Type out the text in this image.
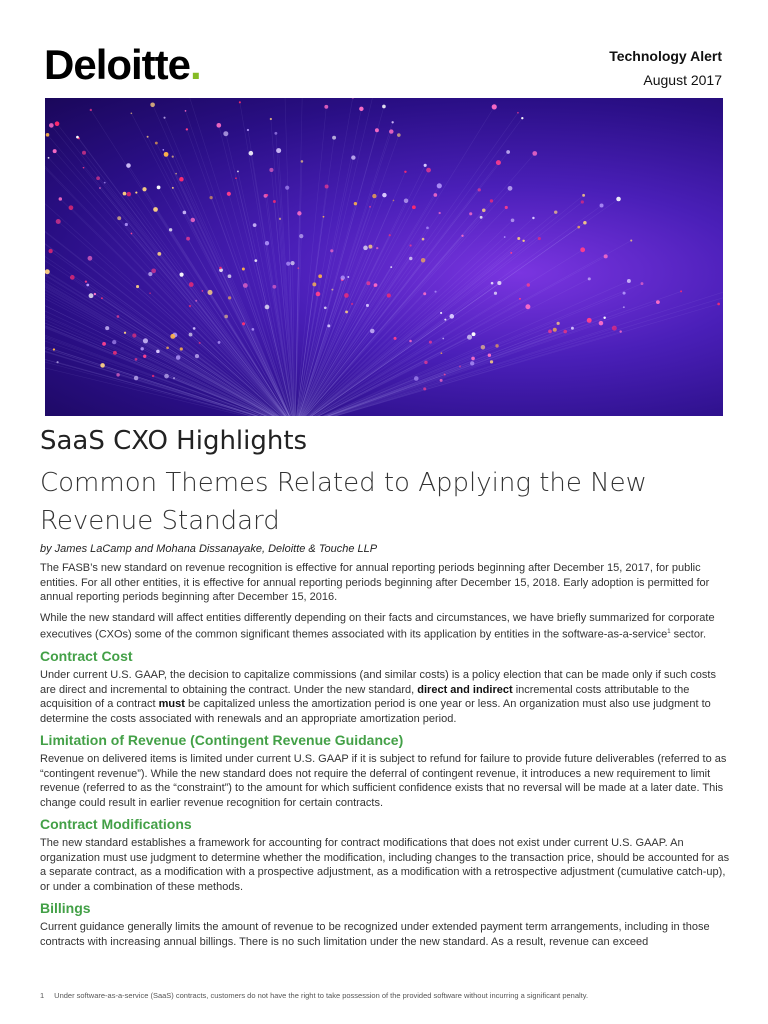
Deloitte.	Technology Alert
August 2017
SaaS CXO Highlights
Common Themes Related to Applying the New Revenue Standard
by James LaCamp and Mohana Dissanayake, Deloitte & Touche LLP

The FASB’s new standard on revenue recognition is effective for annual reporting periods beginning after December 15, 2017, for public entities. For all other entities, it is effective for annual reporting periods beginning after December 15, 2018. Early adoption is permitted for annual reporting periods beginning after December 15, 2016.

While the new standard will affect entities differently depending on their facts and circumstances, we have briefly summarized for corporate executives (CXOs) some of the common significant themes associated with its application by entities in the software-as-a-service$^1$ sector.

Contract Cost

Under current U.S. GAAP, the decision to capitalize commissions (and similar costs) is a policy election that can be made only if such costs are direct and incremental to obtaining the contract. Under the new standard, direct and indirect incremental costs attributable to the acquisition of a contract must be capitalized unless the amortization period is one year or less. An organization must also use judgment to determine the costs associated with renewals and an appropriate amortization period.

Limitation of Revenue (Contingent Revenue Guidance)

Revenue on delivered items is limited under current U.S. GAAP if it is subject to refund for failure to provide future deliverables (referred to as “contingent revenue”). While the new standard does not require the deferral of contingent revenue, it introduces a new requirement to limit revenue (referred to as the “constraint”) to the amount for which sufficient confidence exists that no reversal will be made at a later date. This change could result in earlier revenue recognition for certain contracts.

Contract Modifications

The new standard establishes a framework for accounting for contract modifications that does not exist under current U.S. GAAP. An organization must use judgment to determine whether the modification, including changes to the transaction price, should be accounted for as a separate contract, as a modification with a prospective adjustment, as a modification with a retrospective adjustment (cumulative catch-up), or under a combination of these methods.

Billings

Current guidance generally limits the amount of revenue to be recognized under extended payment term arrangements, including in those contracts with increasing annual billings. There is no such limitation under the new standard. As a result, revenue can exceed

1 Under software-as-a-service (SaaS) contracts, customers do not have the right to take possession of the provided software without incurring a significant penalty.
